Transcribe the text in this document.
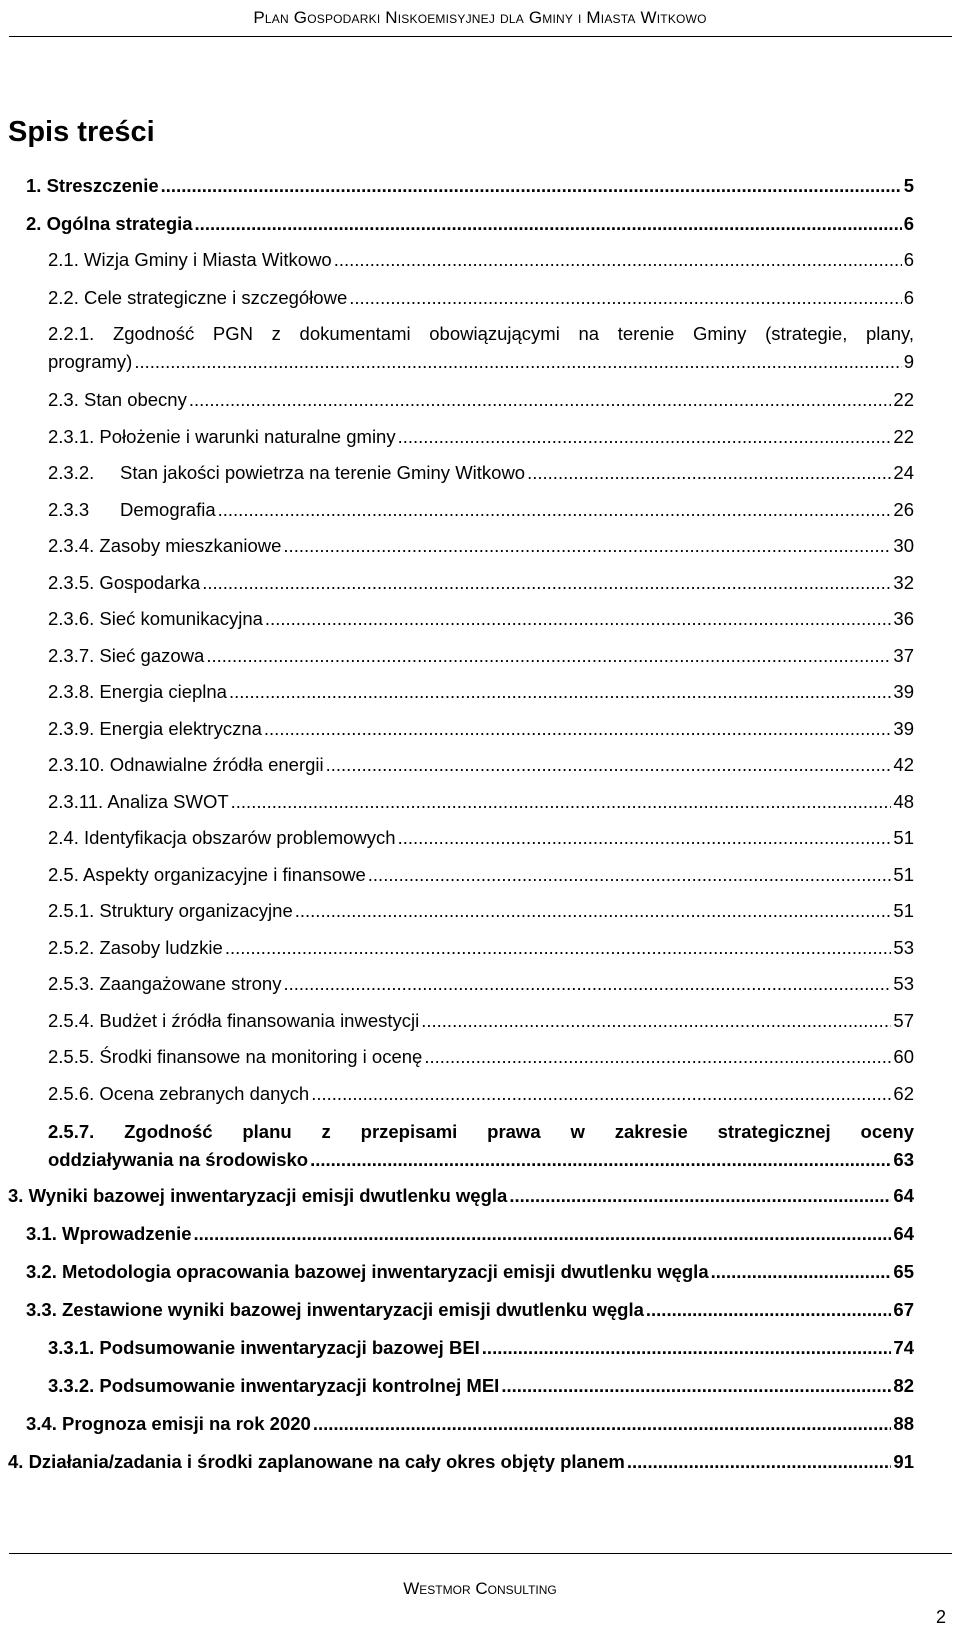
Plan Gospodarki Niskoemisyjnej dla Gminy i Miasta Witkowo
Spis treści
1. Streszczenie .....	5
2. Ogólna strategia .....	6
2.1. Wizja Gminy i Miasta Witkowo .....	6
2.2. Cele strategiczne i szczegółowe .....	6
2.2.1. Zgodność PGN z dokumentami obowiązującymi na terenie Gminy (strategie, plany,
programy) .....	9
2.3. Stan obecny .....	22
2.3.1. Położenie i warunki naturalne gminy .....	22
2.3.2.     Stan jakości powietrza na terenie Gminy Witkowo .....	24
2.3.3      Demografia .....	26
2.3.4. Zasoby mieszkaniowe .....	30
2.3.5. Gospodarka .....	32
2.3.6. Sieć komunikacyjna .....	36
2.3.7. Sieć gazowa .....	37
2.3.8. Energia cieplna .....	39
2.3.9. Energia elektryczna .....	39
2.3.10. Odnawialne źródła energii .....	42
2.3.11. Analiza SWOT .....	48
2.4. Identyfikacja obszarów problemowych .....	51
2.5. Aspekty organizacyjne i finansowe .....	51
2.5.1. Struktury organizacyjne .....	51
2.5.2. Zasoby ludzkie .....	53
2.5.3. Zaangażowane strony .....	53
2.5.4. Budżet i źródła finansowania inwestycji .....	57
2.5.5. Środki finansowe na monitoring i ocenę .....	60
2.5.6. Ocena zebranych danych .....	62
2.5.7. Zgodność planu z przepisami prawa w zakresie strategicznej oceny
oddziaływania na środowisko .....	63
3. Wyniki bazowej inwentaryzacji emisji dwutlenku węgla .....	64
3.1. Wprowadzenie .....	64
3.2. Metodologia opracowania bazowej inwentaryzacji emisji dwutlenku węgla .....	65
3.3. Zestawione wyniki bazowej inwentaryzacji emisji dwutlenku węgla .....	67
3.3.1. Podsumowanie inwentaryzacji bazowej BEI .....	74
3.3.2. Podsumowanie inwentaryzacji kontrolnej MEI .....	82
3.4. Prognoza emisji na rok 2020 .....	88
4. Działania/zadania i środki zaplanowane na cały okres objęty planem .....	91
Westmor Consulting
2
